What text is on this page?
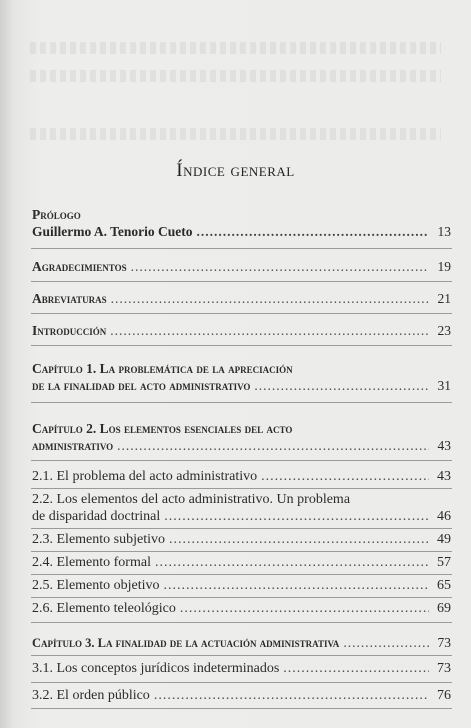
Índice general
Prólogo
Guillermo A. Tenorio Cueto .....	13
Agradecimientos .....	19
Abreviaturas .....	21
Introducción .....	23
Capítulo 1. La problemática de la apreciación
de la finalidad del acto administrativo .....	31
Capítulo 2. Los elementos esenciales del acto
administrativo .....	43
2.1. El problema del acto administrativo .....	43
2.2. Los elementos del acto administrativo. Un problema
de disparidad doctrinal .....	46
2.3. Elemento subjetivo .....	49
2.4. Elemento formal .....	57
2.5. Elemento objetivo .....	65
2.6. Elemento teleológico .....	69
Capítulo 3. La finalidad de la actuación administrativa .....	73
3.1. Los conceptos jurídicos indeterminados .....	73
3.2. El orden público .....	76
